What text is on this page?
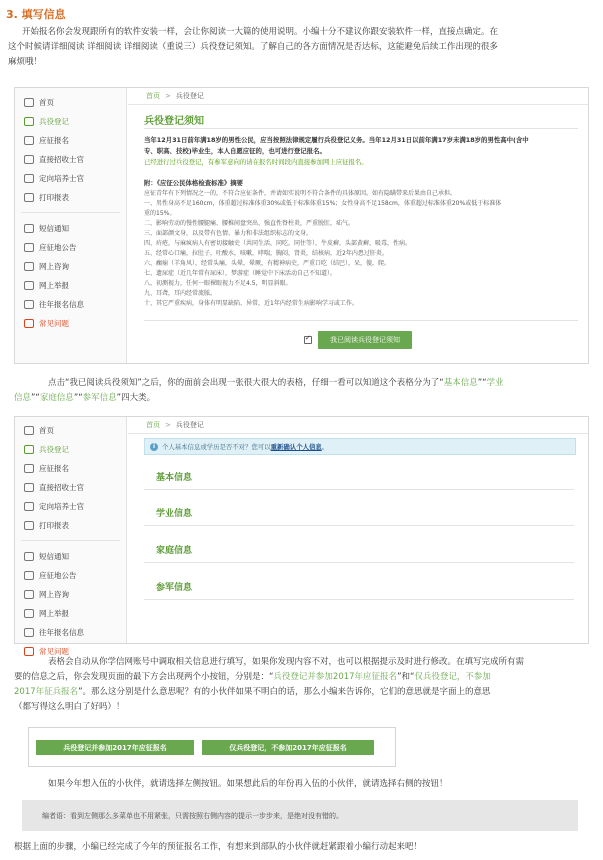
3. 填写信息
开始报名你会发现跟所有的软件安装一样，会让你阅读一大篇的使用说明。小编十分不建议你跟安装软件一样，直接点确定。在
这个时候请详细阅读 详细阅读 详细阅读（重说三）兵役登记须知。了解自己的各方面情况是否达标，这能避免后续工作出现的很多
麻烦哦！
首页
兵役登记
应征报名
直接招收士官
定向培养士官
打印报表
短信通知
应征地公告
网上咨询
网上举报
往年报名信息
常见问题
首页 > 兵役登记
兵役登记须知
当年12月31日前年满18岁的男性公民，应当按照法律规定履行兵役登记义务。当年12月31日以前年满17岁未满18岁的男性高中(含中
专、职高、技校)毕业生，本人自愿应征的，也可进行登记报名。
已经进行过兵役登记，有参军意向的请在报名时间段内直接参加网上应征报名。
附：《应征公民体格检查标准》摘要
应征青年有下列情况之一的，不符合应征条件，并请如实说明不符合条件的具体原因。如有隐瞒带来后果由自己承担。
一、男性身高不足160cm，体重超过标准体重30%或低于标准体重15%；女性身高不足158cm，体重超过标准体重20%或低于标准体
重的15%。
二、影响劳动的慢性腰腿痛、腰椎间盘突出、强直性脊柱炎，严重脱肛，疝气。
三、面部颜文身，以及带有色情、暴力和非法组织标志的文身。
四、疥疮，与麻疯病人有密切接触史（共同生活，同吃，同住等），牛皮癣，头部黄癣，吸毒，性病。
五、经常心口痛，拉肚子，吐酸水，咳嗽，哮喘，胸闷，肾炎，结核病，近2年内患过肝炎。
六、癫痫（羊角风），经常头痛，头晕，晕厥，有精神病史，严重口吃（结巴），呆，傻，爬。
七、遗尿症（近几年常有尿床），梦游症（睡觉中下床活动自己不知道）。
八、初测视力，任何一眼裸眼视力不足4.5，明显斜眼。
九、耳聋，耳内经常流脓。
十、其它严重疾病，身体有明显缺陷、异常，近1年内经常生病影响学习或工作。
✓
我已阅读兵役登记须知
点击“我已阅读兵役须知”之后，你的面前会出现一张很大很大的表格，仔细一看可以知道这个表格分为了“基本信息”“学业
信息”“家庭信息”“参军信息”四大类。
首页
兵役登记
应征报名
直接招收士官
定向培养士官
打印报表
短信通知
应征地公告
网上咨询
网上举报
往年报名信息
常见问题
首页 > 兵役登记
i	个人基本信息或学历是否不对？您可以 重新确认个人信息 。
基本信息
学业信息
家庭信息
参军信息
表格会自动从你学信网账号中调取相关信息进行填写，如果你发现内容不对，也可以根据提示及时进行修改。在填写完成所有需
要的信息之后，你会发现页面的最下方会出现两个小按钮，分别是：“兵役登记并参加2017年应征报名”和“仅兵役登记，不参加
2017年征兵报名”。那么这分别是什么意思呢？有的小伙伴如果不明白的话，那么小编来告诉你，它们的意思就是字面上的意思
（都写得这么明白了好吗）！
兵役登记并参加2017年应征报名	仅兵役登记，不参加2017年应征报名
如果今年想入伍的小伙伴，就请选择左侧按钮。如果想此后的年份再入伍的小伙伴，就请选择右侧的按钮！
编者语：看到左侧那么多菜单也不用紧张，只需按照右侧内容的提示一步步来，是绝对没有错的。
根据上面的步骤，小编已经完成了今年的预征报名工作，有想来到部队的小伙伴就赶紧跟着小编行动起来吧！
